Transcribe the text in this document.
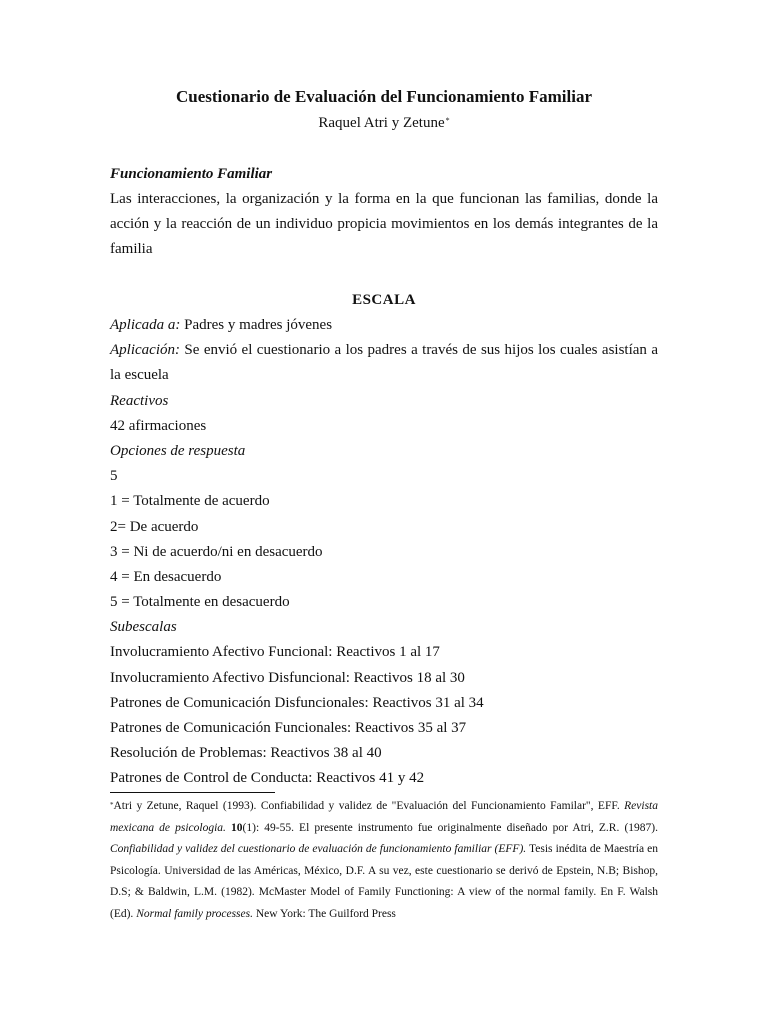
Cuestionario de Evaluación del Funcionamiento Familiar
Raquel Atri y Zetune*
Funcionamiento Familiar
Las interacciones, la organización y la forma en la que funcionan las familias, donde la acción y la reacción de un individuo propicia movimientos en los demás integrantes de la familia
ESCALA
Aplicada a: Padres y madres jóvenes
Aplicación: Se envió el cuestionario a los padres a través de sus hijos los cuales asistían a la escuela
Reactivos
42 afirmaciones
Opciones de respuesta
5
1 = Totalmente de acuerdo
2= De acuerdo
3 = Ni de acuerdo/ni en desacuerdo
4 = En desacuerdo
5 = Totalmente en desacuerdo
Subescalas
Involucramiento Afectivo Funcional: Reactivos 1 al 17
Involucramiento Afectivo Disfuncional: Reactivos 18 al 30
Patrones de Comunicación Disfuncionales: Reactivos 31 al 34
Patrones de Comunicación Funcionales: Reactivos 35 al 37
Resolución de Problemas: Reactivos 38 al 40
Patrones de Control de Conducta: Reactivos 41 y 42
*Atri y Zetune, Raquel (1993). Confiabilidad y validez de "Evaluación del Funcionamiento Familar", EFF. Revista mexicana de psicologia. 10(1): 49-55. El presente instrumento fue originalmente diseñado por Atri, Z.R. (1987). Confiabilidad y validez del cuestionario de evaluación de funcionamiento familiar (EFF). Tesis inédita de Maestría en Psicología. Universidad de las Américas, México, D.F. A su vez, este cuestionario se derivó de Epstein, N.B; Bishop, D.S; & Baldwin, L.M. (1982). McMaster Model of Family Functioning: A view of the normal family. En F. Walsh (Ed). Normal family processes. New York: The Guilford Press
